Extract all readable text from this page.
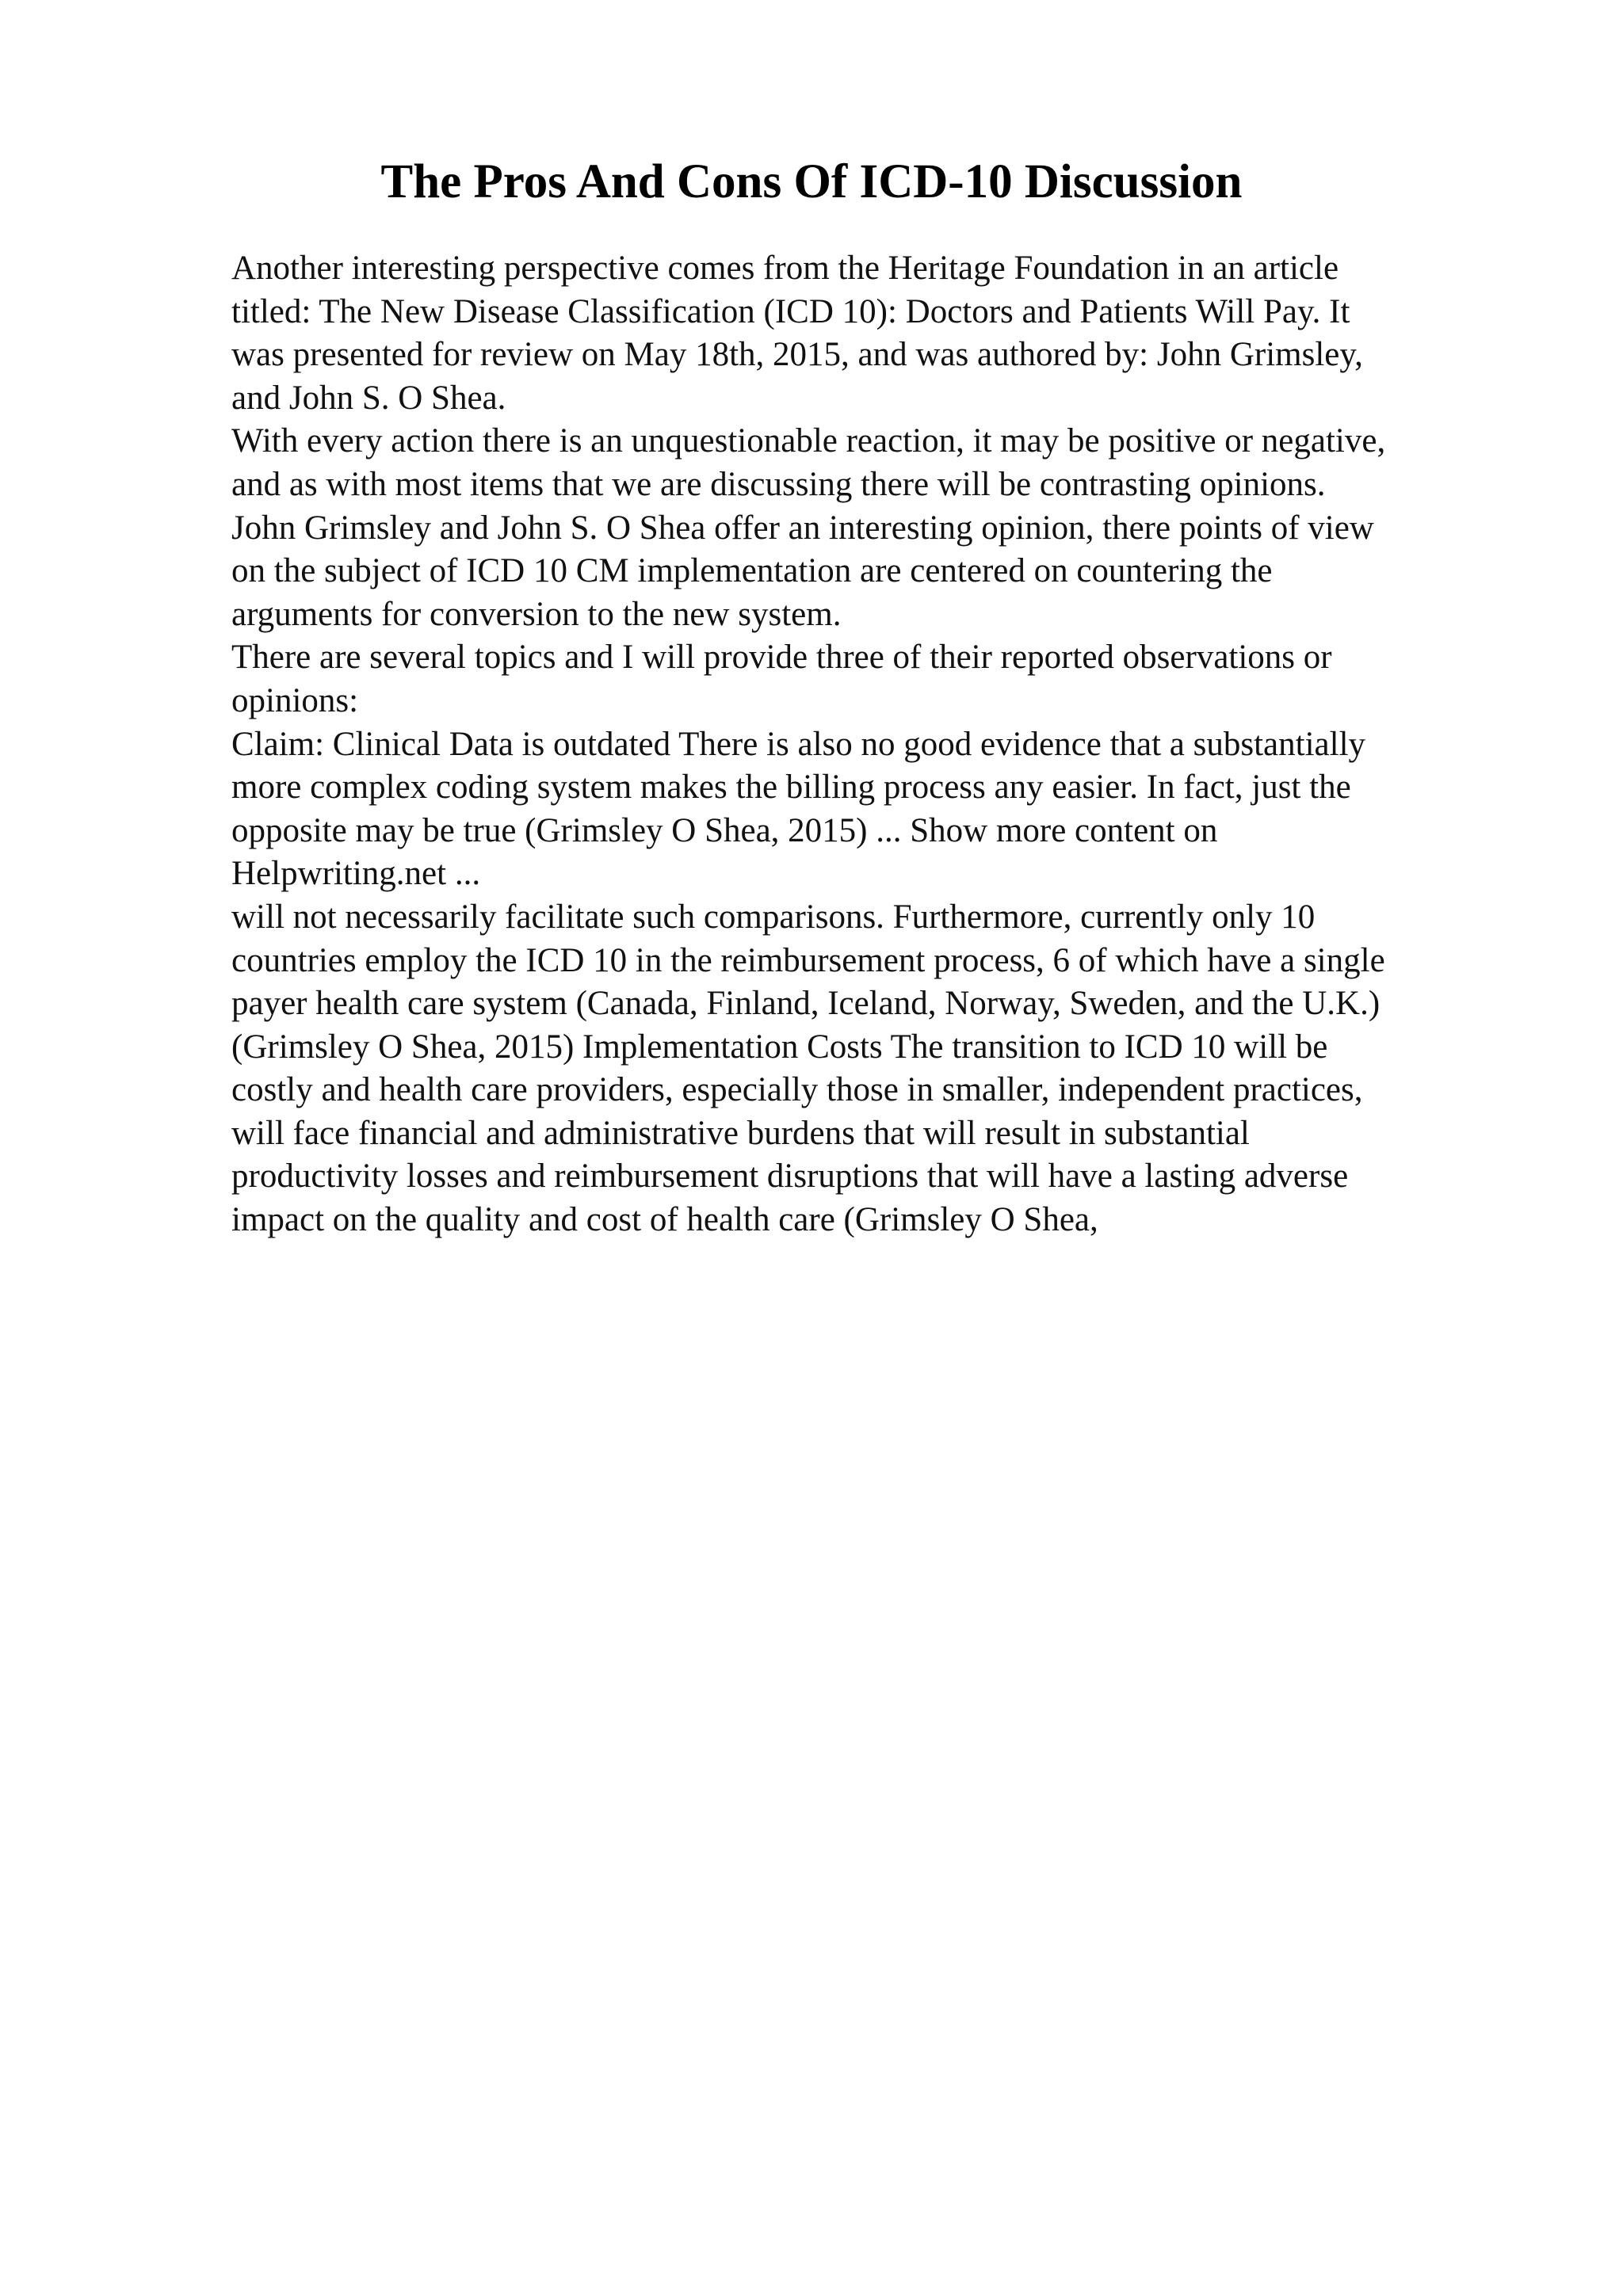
The Pros And Cons Of ICD-10 Discussion
Another interesting perspective comes from the Heritage Foundation in an article
titled: The New Disease Classification (ICD 10): Doctors and Patients Will Pay. It
was presented for review on May 18th, 2015, and was authored by: John Grimsley,
and John S. O Shea.
With every action there is an unquestionable reaction, it may be positive or negative,
and as with most items that we are discussing there will be contrasting opinions.
John Grimsley and John S. O Shea offer an interesting opinion, there points of view
on the subject of ICD 10 CM implementation are centered on countering the
arguments for conversion to the new system.
There are several topics and I will provide three of their reported observations or
opinions:
Claim: Clinical Data is outdated There is also no good evidence that a substantially
more complex coding system makes the billing process any easier. In fact, just the
opposite may be true (Grimsley O Shea, 2015) ... Show more content on
Helpwriting.net ...
will not necessarily facilitate such comparisons. Furthermore, currently only 10
countries employ the ICD 10 in the reimbursement process, 6 of which have a single
payer health care system (Canada, Finland, Iceland, Norway, Sweden, and the U.K.)
(Grimsley O Shea, 2015) Implementation Costs The transition to ICD 10 will be
costly and health care providers, especially those in smaller, independent practices,
will face financial and administrative burdens that will result in substantial
productivity losses and reimbursement disruptions that will have a lasting adverse
impact on the quality and cost of health care (Grimsley O Shea,
